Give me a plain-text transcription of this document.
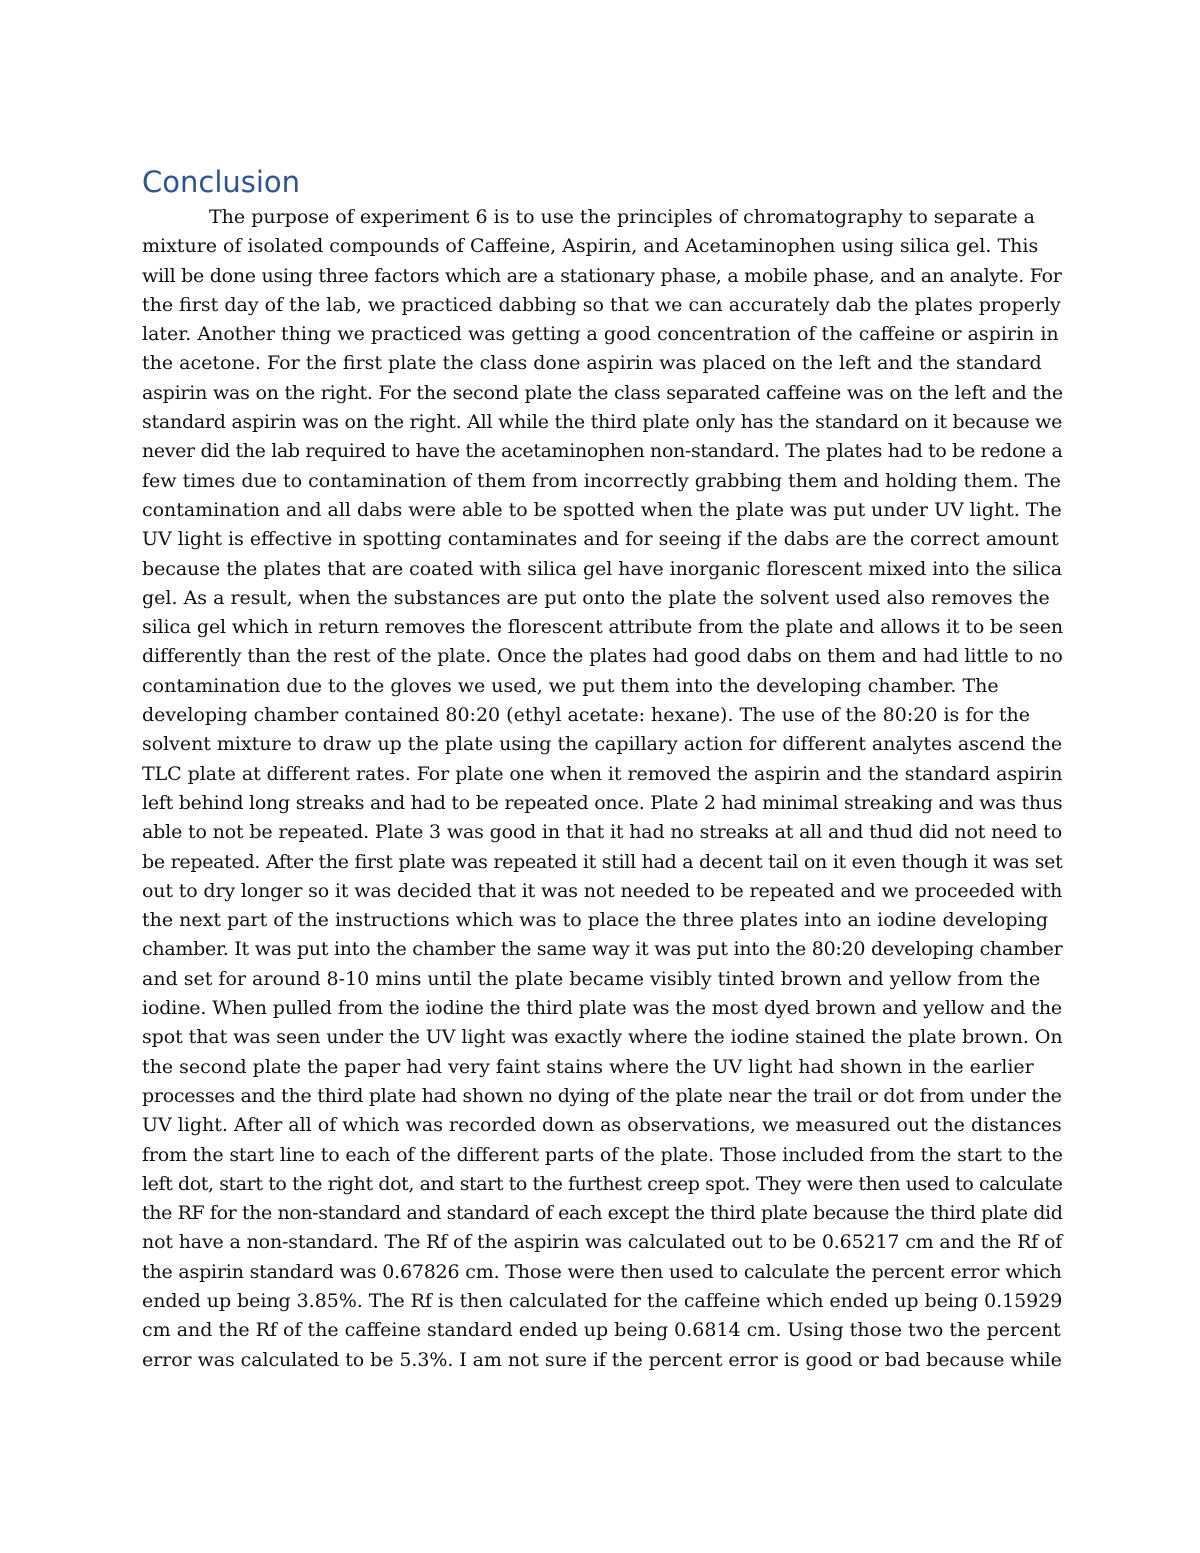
Conclusion
The purpose of experiment 6 is to use the principles of chromatography to separate a
mixture of isolated compounds of Caffeine, Aspirin, and Acetaminophen using silica gel. This
will be done using three factors which are a stationary phase, a mobile phase, and an analyte. For
the first day of the lab, we practiced dabbing so that we can accurately dab the plates properly
later. Another thing we practiced was getting a good concentration of the caffeine or aspirin in
the acetone. For the first plate the class done aspirin was placed on the left and the standard
aspirin was on the right. For the second plate the class separated caffeine was on the left and the
standard aspirin was on the right. All while the third plate only has the standard on it because we
never did the lab required to have the acetaminophen non-standard. The plates had to be redone a
few times due to contamination of them from incorrectly grabbing them and holding them. The
contamination and all dabs were able to be spotted when the plate was put under UV light. The
UV light is effective in spotting contaminates and for seeing if the dabs are the correct amount
because the plates that are coated with silica gel have inorganic florescent mixed into the silica
gel. As a result, when the substances are put onto the plate the solvent used also removes the
silica gel which in return removes the florescent attribute from the plate and allows it to be seen
differently than the rest of the plate. Once the plates had good dabs on them and had little to no
contamination due to the gloves we used, we put them into the developing chamber. The
developing chamber contained 80:20 (ethyl acetate: hexane). The use of the 80:20 is for the
solvent mixture to draw up the plate using the capillary action for different analytes ascend the
TLC plate at different rates. For plate one when it removed the aspirin and the standard aspirin
left behind long streaks and had to be repeated once. Plate 2 had minimal streaking and was thus
able to not be repeated. Plate 3 was good in that it had no streaks at all and thud did not need to
be repeated. After the first plate was repeated it still had a decent tail on it even though it was set
out to dry longer so it was decided that it was not needed to be repeated and we proceeded with
the next part of the instructions which was to place the three plates into an iodine developing
chamber. It was put into the chamber the same way it was put into the 80:20 developing chamber
and set for around 8-10 mins until the plate became visibly tinted brown and yellow from the
iodine. When pulled from the iodine the third plate was the most dyed brown and yellow and the
spot that was seen under the UV light was exactly where the iodine stained the plate brown. On
the second plate the paper had very faint stains where the UV light had shown in the earlier
processes and the third plate had shown no dying of the plate near the trail or dot from under the
UV light. After all of which was recorded down as observations, we measured out the distances
from the start line to each of the different parts of the plate. Those included from the start to the
left dot, start to the right dot, and start to the furthest creep spot. They were then used to calculate
the RF for the non-standard and standard of each except the third plate because the third plate did
not have a non-standard. The Rf of the aspirin was calculated out to be 0.65217 cm and the Rf of
the aspirin standard was 0.67826 cm. Those were then used to calculate the percent error which
ended up being 3.85%. The Rf is then calculated for the caffeine which ended up being 0.15929
cm and the Rf of the caffeine standard ended up being 0.6814 cm. Using those two the percent
error was calculated to be 5.3%. I am not sure if the percent error is good or bad because while
